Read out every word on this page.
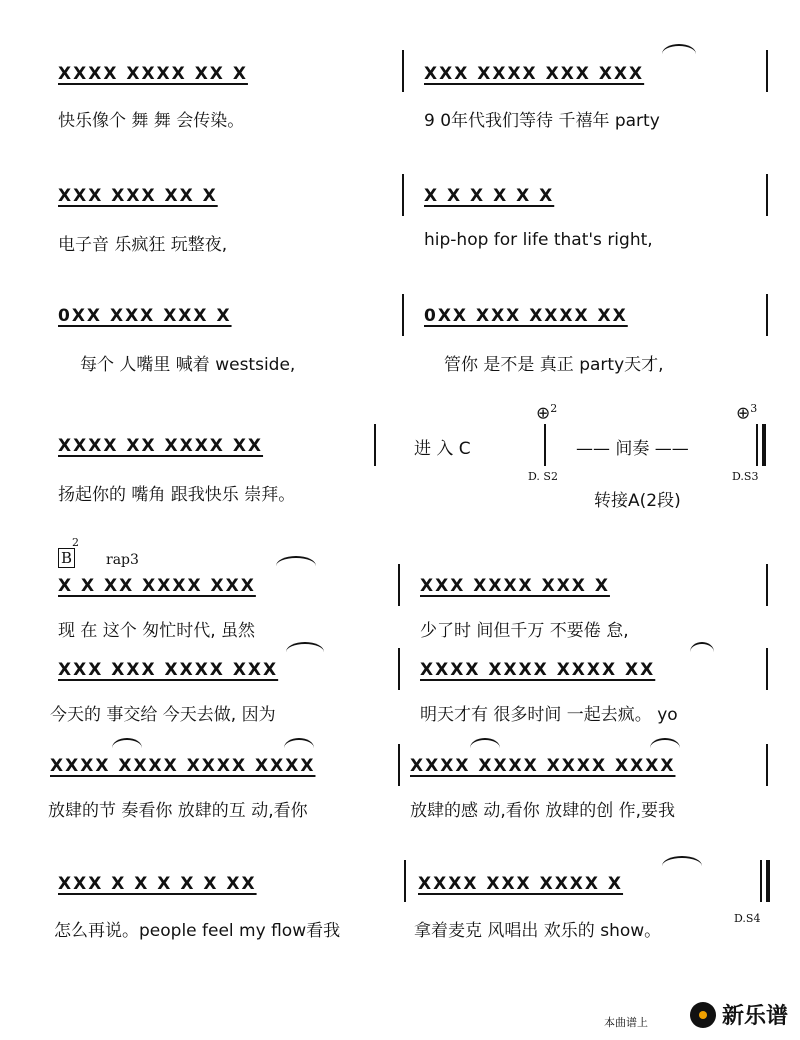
XXXX XXXX XX X	XXX XXXX XXX XXX
快乐像个 舞 舞 会传染。	9 0年代我们等待 千禧年 party
XXX XXX XX X	X X X X X X
电子音 乐疯狂 玩整夜,	hip-hop for life that's right,
0XX XXX XXX X	0XX XXX XXXX XX
每个 人嘴里 喊着 westside,	管你 是不是 真正 party天才,
XXXX XX XXXX XX	进 入 C
⊕$^2$
—— 间奏 ——
⊕$^3$
D. S2	D.S3
扬起你的 嘴角 跟我快乐 崇拜。	转接A(2段)
B
2
rap3
X X XX XXXX XXX	XXX XXXX XXX X
现 在 这个 匆忙时代, 虽然	少了时 间但千万 不要倦 怠,
XXX XXX XXXX XXX	XXXX XXXX XXXX XX
今天的 事交给 今天去做, 因为	明天才有 很多时间 一起去疯。 yo
XXXX XXXX XXXX XXXX	XXXX XXXX XXXX XXXX
放肆的节 奏看你 放肆的互 动,看你	放肆的感 动,看你 放肆的创 作,要我
XXX X X X X X XX	XXXX XXX XXXX X
怎么再说。people feel my flow看我	拿着麦克 风唱出 欢乐的 show。
D.S4
本曲谱上	新乐谱
